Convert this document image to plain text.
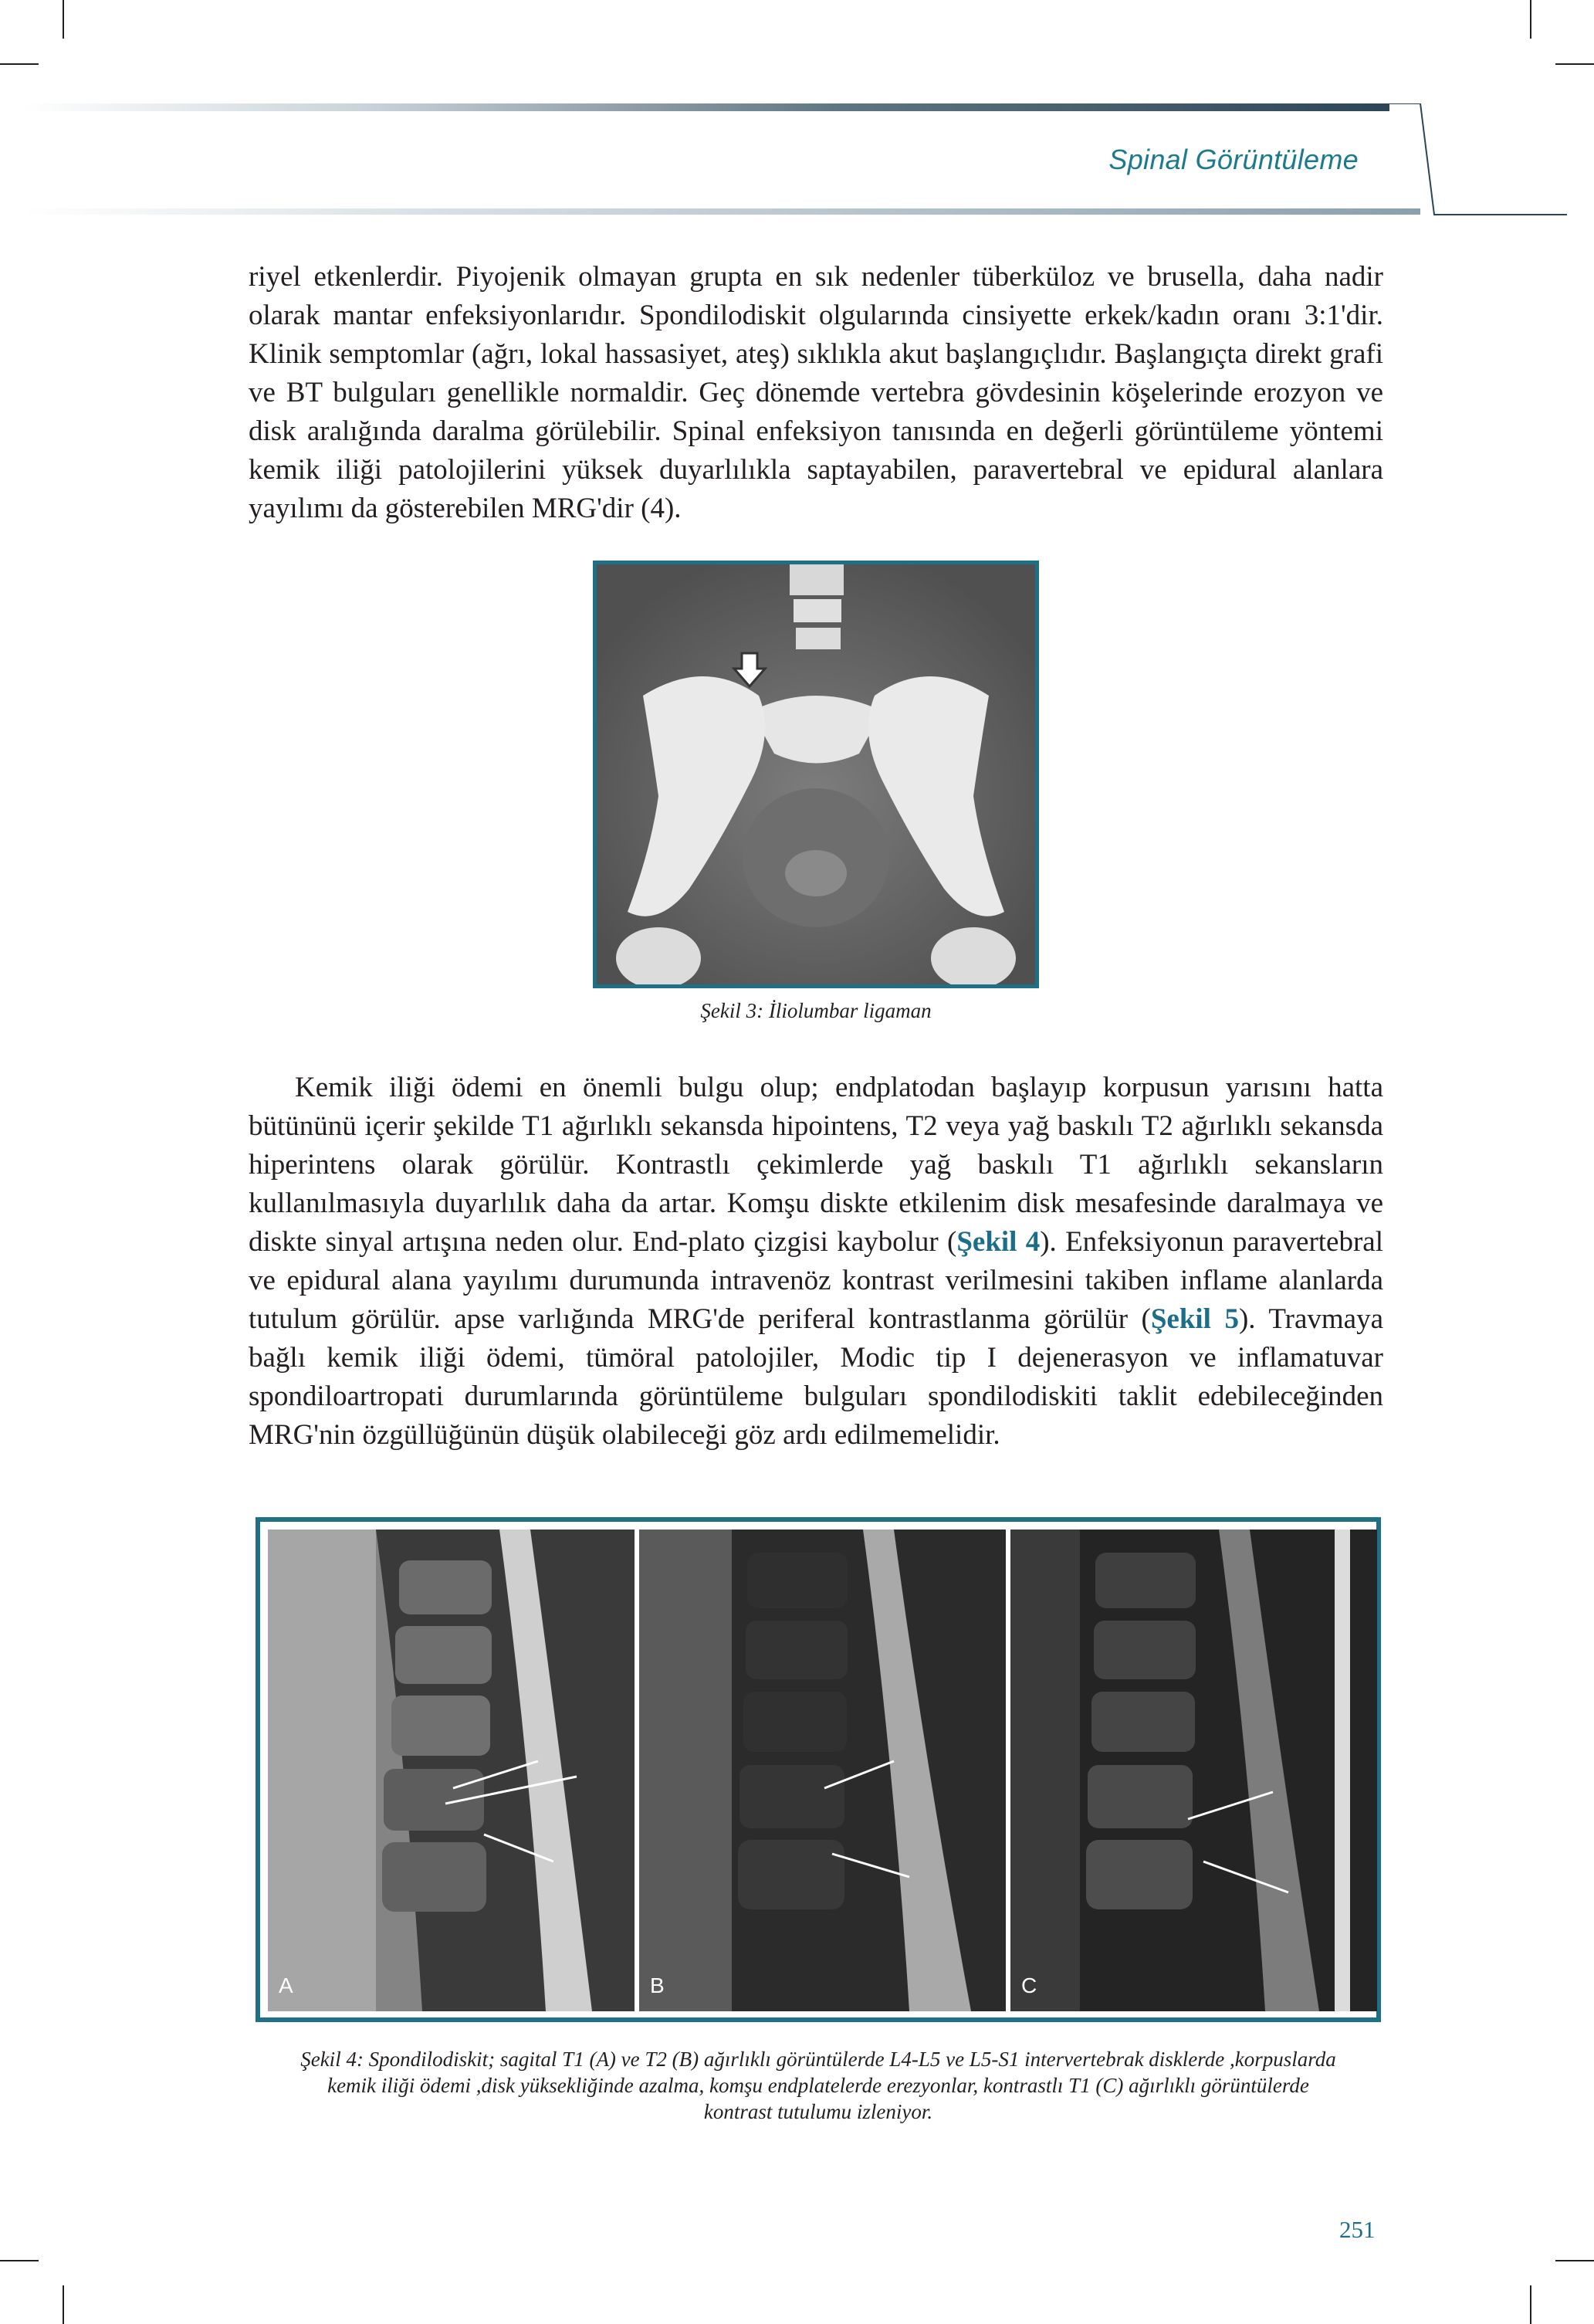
Spinal Görüntüleme

riyel etkenlerdir. Piyojenik olmayan grupta en sık nedenler tüberküloz ve brusella, daha nadir olarak mantar enfeksiyonlarıdır. Spondilodiskit olgularında cinsiyette erkek/kadın oranı 3:1'dir. Klinik semptomlar (ağrı, lokal hassasiyet, ateş) sıklıkla akut başlangıçlıdır. Başlangıçta direkt grafi ve BT bulguları genellikle normaldir. Geç dönemde vertebra gövdesinin köşelerinde erozyon ve disk aralığında daralma görülebilir. Spinal enfeksiyon tanısında en değerli görüntüleme yöntemi kemik iliği patolojilerini yüksek duyarlılıkla saptayabilen, paravertebral ve epidural alanlara yayılımı da gösterebilen MRG'dir (4).

Şekil 3: İliolumbar ligaman

Kemik iliği ödemi en önemli bulgu olup; endplatodan başlayıp korpusun yarısını hatta bütününü içerir şekilde T1 ağırlıklı sekansda hipointens, T2 veya yağ baskılı T2 ağırlıklı sekansda hiperintens olarak görülür. Kontrastlı çekimlerde yağ baskılı T1 ağırlıklı sekansların kullanılmasıyla duyarlılık daha da artar. Komşu diskte etkilenim disk mesafesinde daralmaya ve diskte sinyal artışına neden olur. End-plato çizgisi kaybolur (Şekil 4). Enfeksiyonun paravertebral ve epidural alana yayılımı durumunda intravenöz kontrast verilmesini takiben inflame alanlarda tutulum görülür. apse varlığında MRG'de periferal kontrastlanma görülür (Şekil 5). Travmaya bağlı kemik iliği ödemi, tümöral patolojiler, Modic tip I dejenerasyon ve inflamatuvar spondiloartropati durumlarında görüntüleme bulguları spondilodiskiti taklit edebileceğinden MRG'nin özgüllüğünün düşük olabileceği göz ardı edilmemelidir.

A	B	C

Şekil 4: Spondilodiskit; sagital T1 (A) ve T2 (B) ağırlıklı görüntülerde L4-L5 ve L5-S1 intervertebrak disklerde ,korpuslarda kemik iliği ödemi ,disk yüksekliğinde azalma, komşu endplatelerde erezyonlar, kontrastlı T1 (C) ağırlıklı görüntülerde kontrast tutulumu izleniyor.

251
